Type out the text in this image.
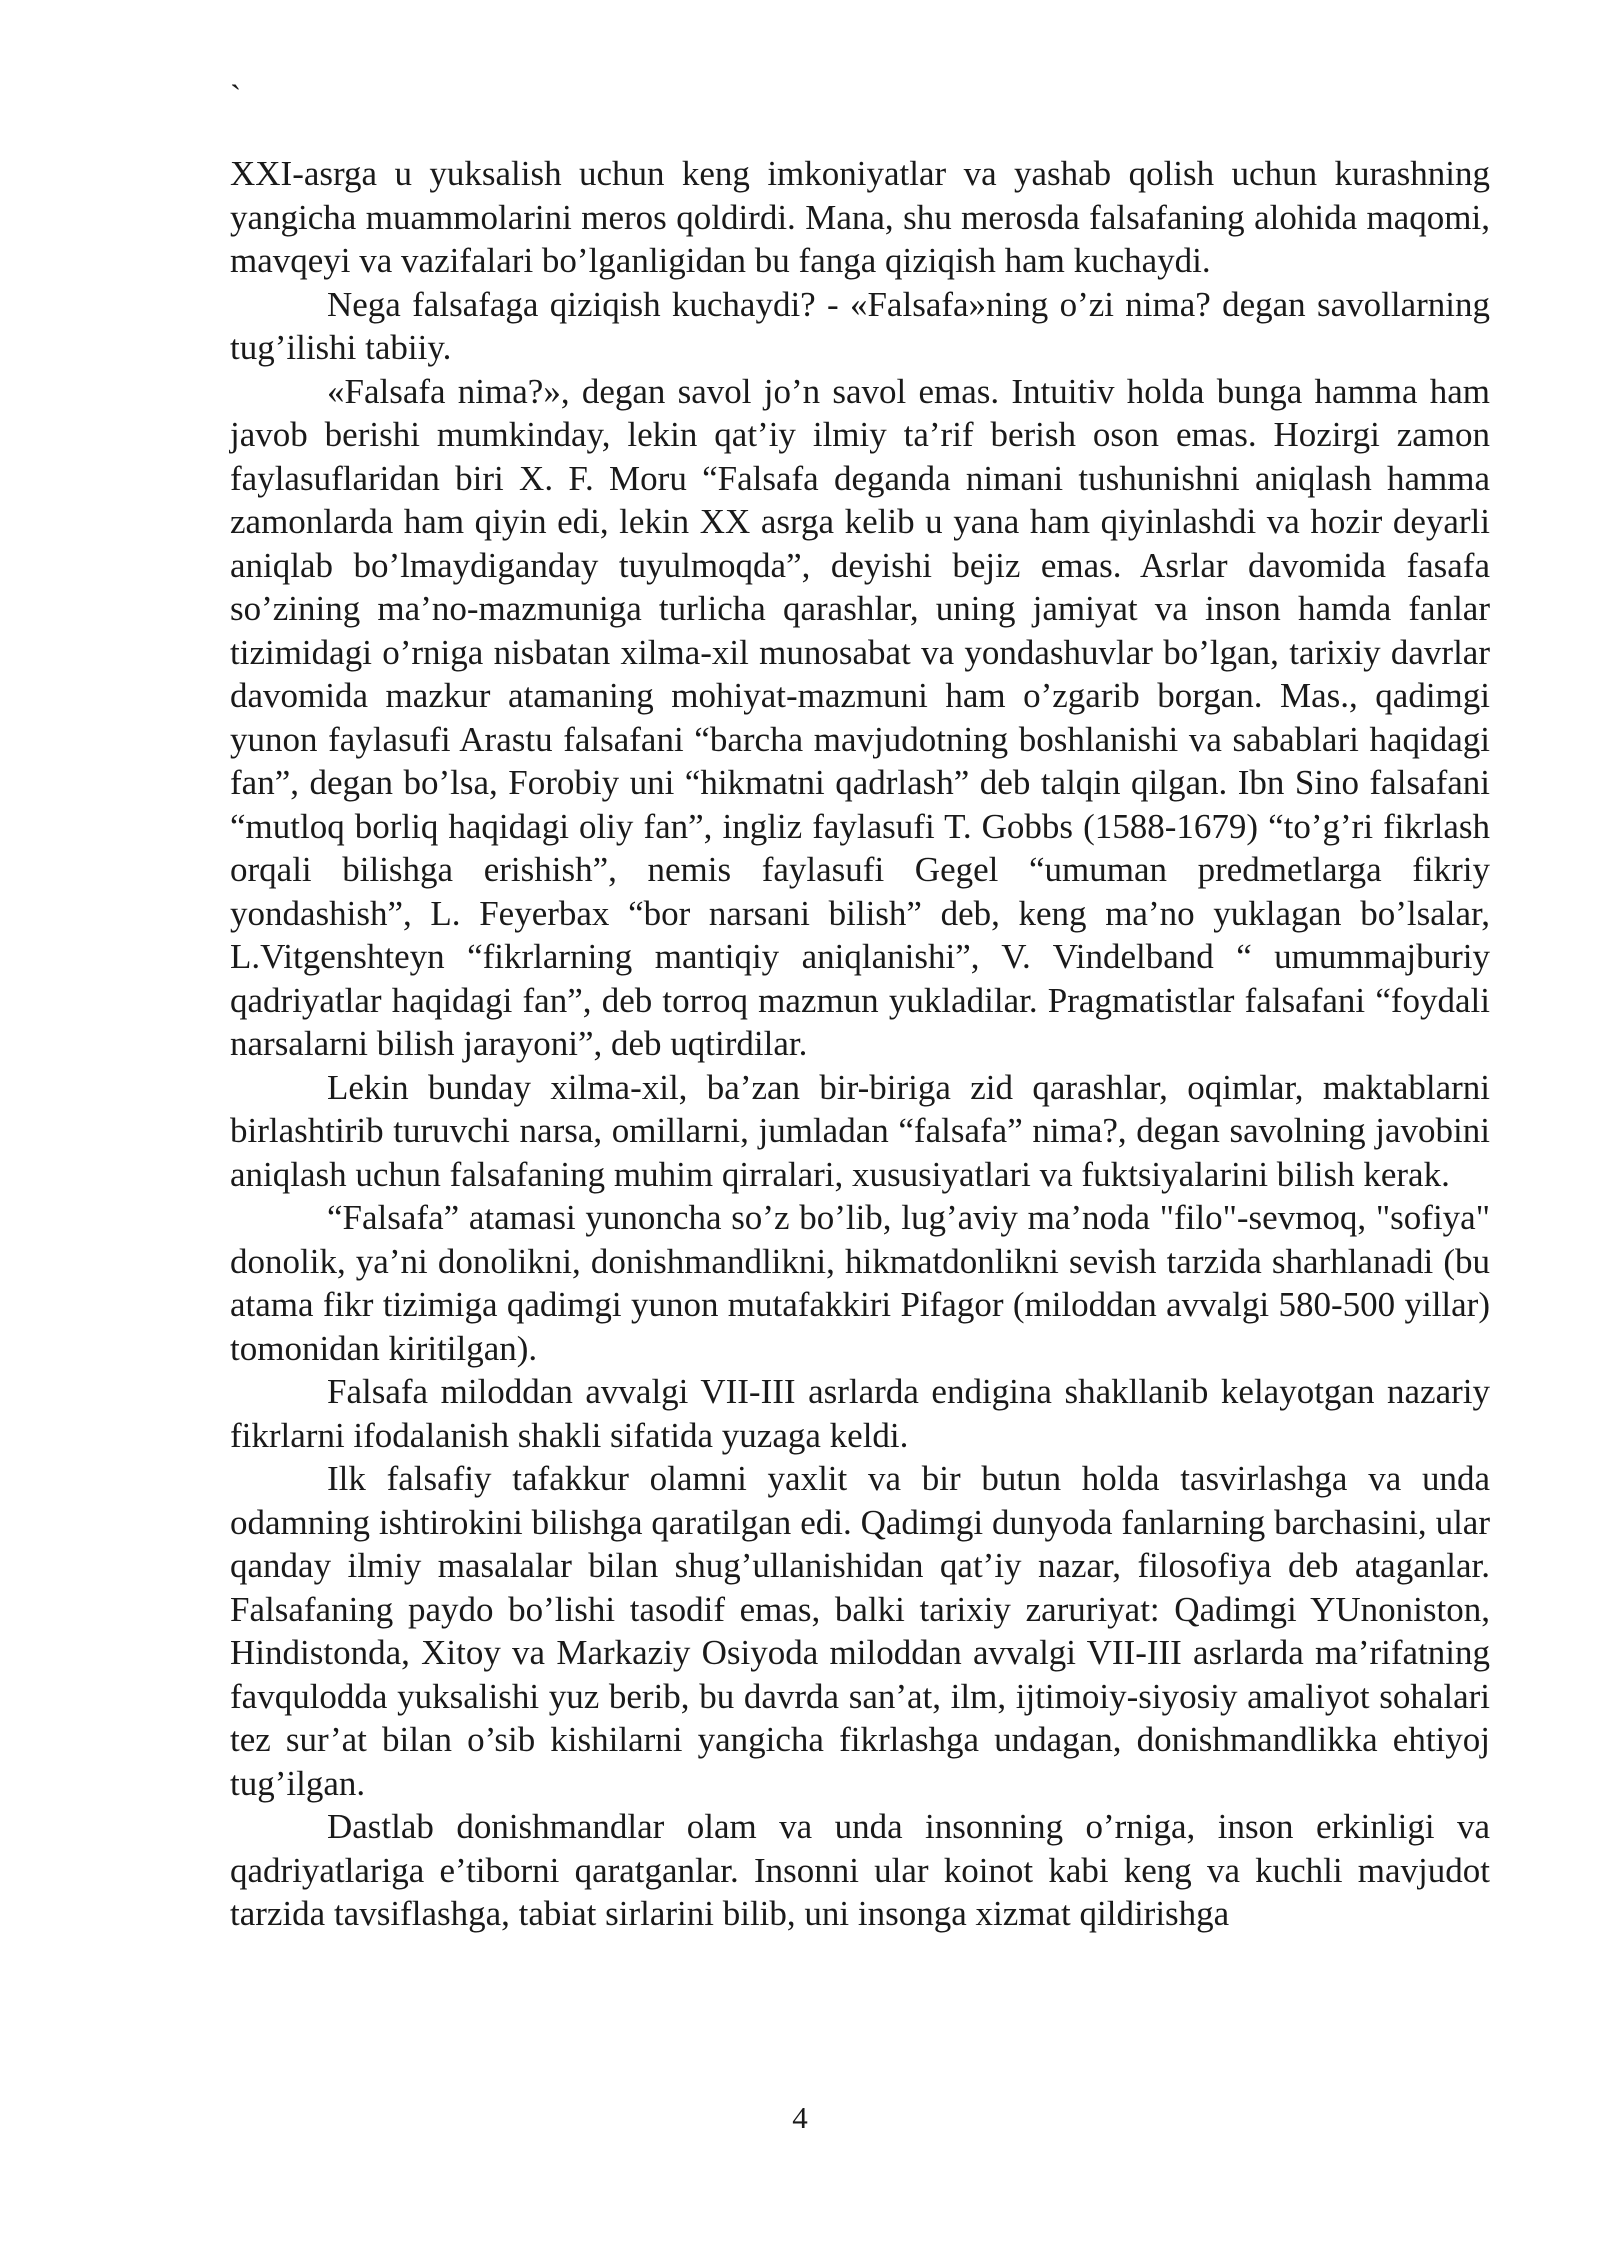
`

XXI-asrga u yuksalish uchun keng imkoniyatlar va yashab qolish uchun kurashning yangicha muammolarini meros qoldirdi. Mana, shu merosda falsafaning alohida maqomi, mavqeyi va vazifalari bo’lganligidan bu fanga qiziqish ham kuchaydi.

Nega falsafaga qiziqish kuchaydi? - «Falsafa»ning o’zi nima? degan savollarning tug’ilishi tabiiy.

«Falsafa nima?», degan savol jo’n savol emas. Intuitiv holda bunga hamma ham javob berishi mumkinday, lekin qat’iy ilmiy ta’rif berish oson emas. Hozirgi zamon faylasuflaridan biri X. F. Moru “Falsafa deganda nimani tushunishni aniqlash hamma zamonlarda ham qiyin edi, lekin XX asrga kelib u yana ham qiyinlashdi va hozir deyarli aniqlab bo’lmaydiganday tuyulmoqda”, deyishi bejiz emas. Asrlar davomida fasafa so’zining ma’no-mazmuniga turlicha qarashlar, uning jamiyat va inson hamda fanlar tizimidagi o’rniga nisbatan xilma-xil munosabat va yondashuvlar bo’lgan, tarixiy davrlar davomida mazkur atamaning mohiyat-mazmuni ham o’zgarib borgan. Mas., qadimgi yunon faylasufi Arastu falsafani “barcha mavjudotning boshlanishi va sabablari haqidagi fan”, degan bo’lsa, Forobiy uni “hikmatni qadrlash” deb talqin qilgan. Ibn Sino falsafani “mutloq borliq haqidagi oliy fan”, ingliz faylasufi T. Gobbs (1588-1679) “to’g’ri fikrlash orqali bilishga erishish”, nemis faylasufi Gegel “umuman predmetlarga fikriy yondashish”, L. Feyerbax “bor narsani bilish” deb, keng ma’no yuklagan bo’lsalar, L.Vitgenshteyn “fikrlarning mantiqiy aniqlanishi”, V. Vindelband “ umummajburiy qadriyatlar haqidagi fan”, deb torroq mazmun yukladilar. Pragmatistlar falsafani “foydali narsalarni bilish jarayoni”, deb uqtirdilar.

Lekin bunday xilma-xil, ba’zan bir-biriga zid qarashlar, oqimlar, maktablarni birlashtirib turuvchi narsa, omillarni, jumladan “falsafa” nima?, degan savolning javobini aniqlash uchun falsafaning muhim qirralari, xususiyatlari va fuktsiyalarini bilish kerak.

“Falsafa” atamasi yunoncha so’z bo’lib, lug’aviy ma’noda "filo"-sevmoq, "sofiya" donolik, ya’ni donolikni, donishmandlikni, hikmatdonlikni sevish tarzida sharhlanadi (bu atama fikr tizimiga qadimgi yunon mutafakkiri Pifagor (miloddan avvalgi 580-500 yillar) tomonidan kiritilgan).

Falsafa miloddan avvalgi VII-III asrlarda endigina shakllanib kelayotgan nazariy fikrlarni ifodalanish shakli sifatida yuzaga keldi.

Ilk falsafiy tafakkur olamni yaxlit va bir butun holda tasvirlashga va unda odamning ishtirokini bilishga qaratilgan edi. Qadimgi dunyoda fanlarning barchasini, ular qanday ilmiy masalalar bilan shug’ullanishidan qat’iy nazar, filosofiya deb ataganlar. Falsafaning paydo bo’lishi tasodif emas, balki tarixiy zaruriyat: Qadimgi YUnoniston, Hindistonda, Xitoy va Markaziy Osiyoda miloddan avvalgi VII-III asrlarda ma’rifatning favqulodda yuksalishi yuz berib, bu davrda san’at, ilm, ijtimoiy-siyosiy amaliyot sohalari tez sur’at bilan o’sib kishilarni yangicha fikrlashga undagan, donishmandlikka ehtiyoj tug’ilgan.

Dastlab donishmandlar olam va unda insonning o’rniga, inson erkinligi va qadriyatlariga e’tiborni qaratganlar. Insonni ular koinot kabi keng va kuchli mavjudot tarzida tavsiflashga, tabiat sirlarini bilib, uni insonga xizmat qildirishga

4
